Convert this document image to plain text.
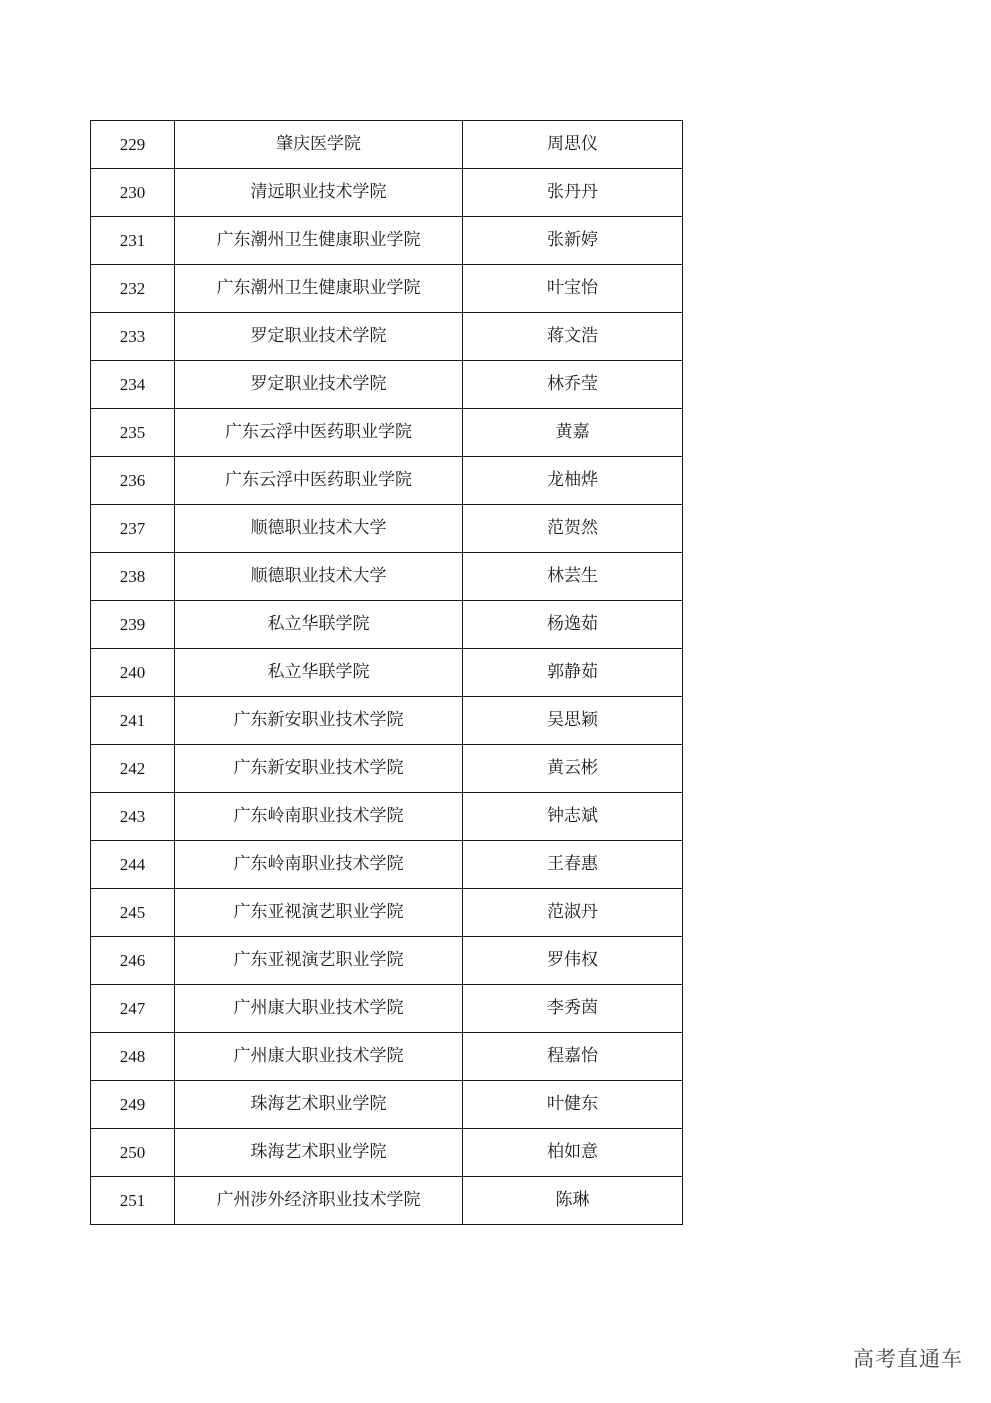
229	肇庆医学院	周思仪
230	清远职业技术学院	张丹丹
231	广东潮州卫生健康职业学院	张新婷
232	广东潮州卫生健康职业学院	叶宝怡
233	罗定职业技术学院	蒋文浩
234	罗定职业技术学院	林乔莹
235	广东云浮中医药职业学院	黄嘉
236	广东云浮中医药职业学院	龙柚烨
237	顺德职业技术大学	范贺然
238	顺德职业技术大学	林芸生
239	私立华联学院	杨逸茹
240	私立华联学院	郭静茹
241	广东新安职业技术学院	吴思颖
242	广东新安职业技术学院	黄云彬
243	广东岭南职业技术学院	钟志斌
244	广东岭南职业技术学院	王春惠
245	广东亚视演艺职业学院	范淑丹
246	广东亚视演艺职业学院	罗伟权
247	广州康大职业技术学院	李秀茵
248	广州康大职业技术学院	程嘉怡
249	珠海艺术职业学院	叶健东
250	珠海艺术职业学院	柏如意
251	广州涉外经济职业技术学院	陈琳
高考直通车
